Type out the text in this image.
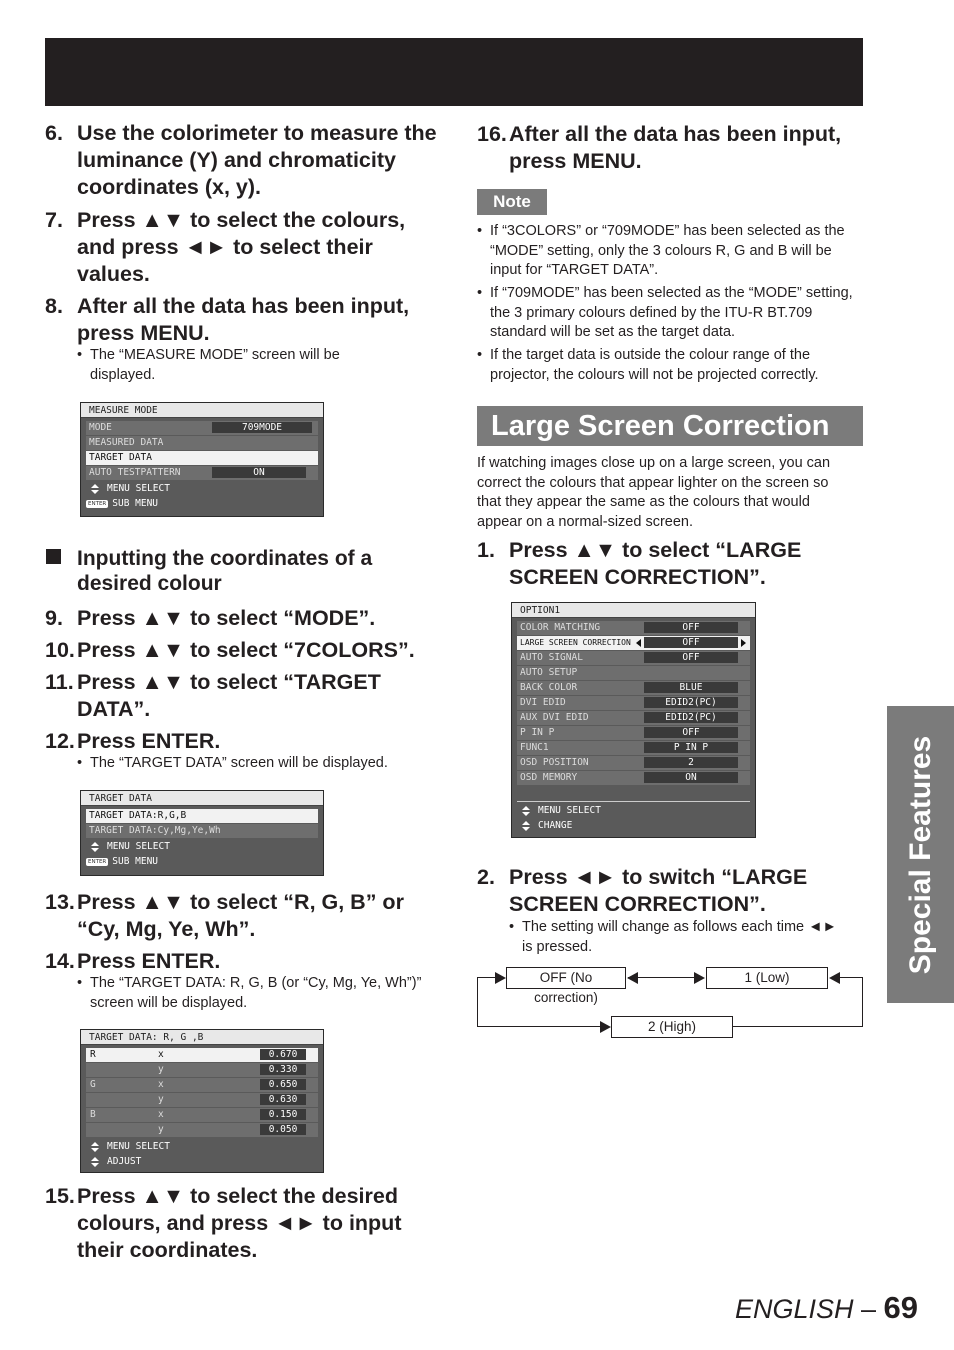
6. Use the colorimeter to measure the luminance (Y) and chromaticity coordinates (x, y).
7. Press ▲▼ to select the colours, and press ◄► to select their values.
8. After all the data has been input, press MENU.
• The “MEASURE MODE” screen will be displayed.
MEASURE MODE
MODE	709MODE
MEASURED DATA
TARGET DATA
AUTO TESTPATTERN	ON
MENU SELECT
ENTER SUB MENU
Inputting the coordinates of a desired colour
9. Press ▲▼ to select “MODE”.
10. Press ▲▼ to select “7COLORS”.
11. Press ▲▼ to select “TARGET DATA”.
12. Press ENTER.
• The “TARGET DATA” screen will be displayed.
TARGET DATA
TARGET DATA:R,G,B
TARGET DATA:Cy,Mg,Ye,Wh
MENU SELECT
ENTER SUB MENU
13. Press ▲▼ to select “R, G, B” or “Cy, Mg, Ye, Wh”.
14. Press ENTER.
• The “TARGET DATA: R, G, B (or “Cy, Mg, Ye, Wh”)” screen will be displayed.
TARGET DATA: R, G ,B
R	x	0.670
y	0.330
G	x	0.650
y	0.630
B	x	0.150
y	0.050
MENU SELECT
ADJUST
15. Press ▲▼ to select the desired colours, and press ◄► to input their coordinates.
16. After all the data has been input, press MENU.
Note
• If “3COLORS” or “709MODE” has been selected as the “MODE” setting, only the 3 colours R, G and B will be input for “TARGET DATA”.
• If “709MODE” has been selected as the “MODE” setting, the 3 primary colours defined by the ITU-R BT.709 standard will be set as the target data.
• If the target data is outside the colour range of the projector, the colours will not be projected correctly.
Large Screen Correction
If watching images close up on a large screen, you can correct the colours that appear lighter on the screen so that they appear the same as the colours that would appear on a normal-sized screen.
1. Press ▲▼ to select “LARGE SCREEN CORRECTION”.
OPTION1
COLOR MATCHING	OFF
LARGE SCREEN CORRECTION	OFF
AUTO SIGNAL	OFF
AUTO SETUP
BACK COLOR	BLUE
DVI EDID	EDID2(PC)
AUX DVI EDID	EDID2(PC)
P IN P	OFF
FUNC1	P IN P
OSD POSITION	2
OSD MEMORY	ON
MENU SELECT
CHANGE
2. Press ◄► to switch “LARGE SCREEN CORRECTION”.
• The setting will change as follows each time ◄► is pressed.
OFF (No correction)
1 (Low)
2 (High)
Special Features
ENGLISH – 69
